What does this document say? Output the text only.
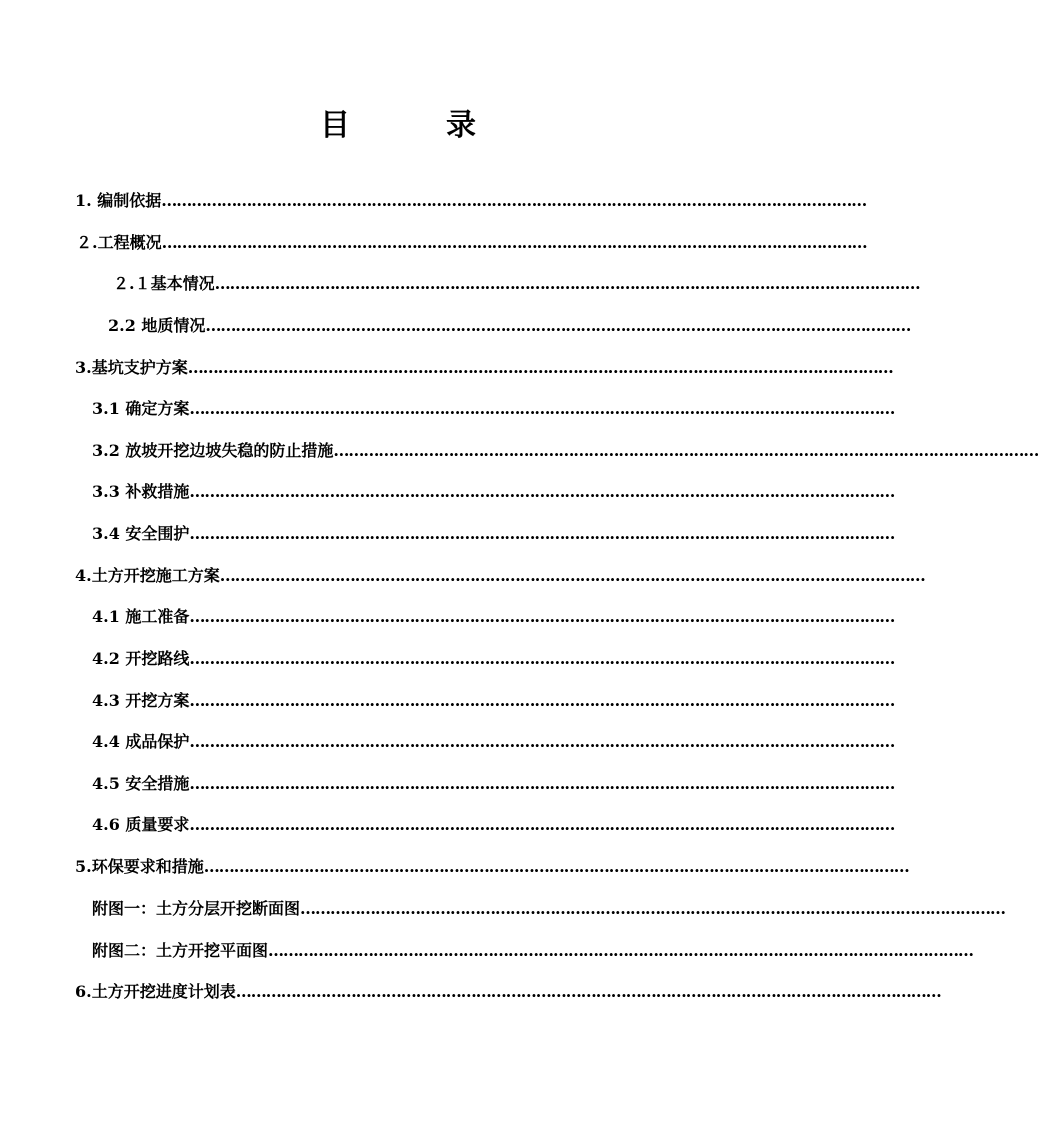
目	录
1. 编制依据……………………………………………………………………………………………………………………………
２.工程概况……………………………………………………………………………………………………………………………
２.１基本情况……………………………………………………………………………………………………………………………
2.2 地质情况……………………………………………………………………………………………………………………………
3.基坑支护方案……………………………………………………………………………………………………………………………
3.1 确定方案……………………………………………………………………………………………………………………………
3.2 放坡开挖边坡失稳的防止措施……………………………………………………………………………………………………………………………
3.3 补救措施……………………………………………………………………………………………………………………………
3.4 安全围护……………………………………………………………………………………………………………………………
4.土方开挖施工方案……………………………………………………………………………………………………………………………
4.1 施工准备……………………………………………………………………………………………………………………………
4.2 开挖路线……………………………………………………………………………………………………………………………
4.3 开挖方案……………………………………………………………………………………………………………………………
4.4 成品保护……………………………………………………………………………………………………………………………
4.5 安全措施……………………………………………………………………………………………………………………………
4.6 质量要求……………………………………………………………………………………………………………………………
5.环保要求和措施……………………………………………………………………………………………………………………………
附图一：土方分层开挖断面图……………………………………………………………………………………………………………………………
附图二：土方开挖平面图……………………………………………………………………………………………………………………………
6.土方开挖进度计划表……………………………………………………………………………………………………………………………
